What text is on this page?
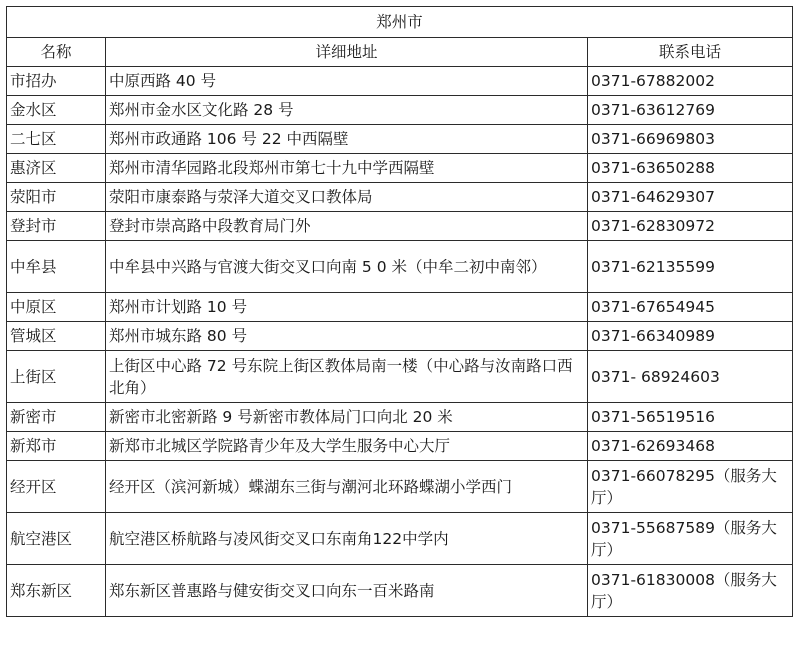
郑州市		
名称	详细地址	联系电话
市招办	中原西路 40 号	0371-67882002
金水区	郑州市金水区文化路 28 号	0371-63612769
二七区	郑州市政通路 106 号 22 中西隔壁	0371-66969803
惠济区	郑州市清华园路北段郑州市第七十九中学西隔壁	0371-63650288
荥阳市	荥阳市康泰路与荥泽大道交叉口教体局	0371-64629307
登封市	登封市崇高路中段教育局门外	0371-62830972
中牟县	中牟县中兴路与官渡大街交叉口向南 5 0 米（中牟二初中南邻）	0371-62135599
中原区	郑州市计划路 10 号	0371-67654945
管城区	郑州市城东路 80 号	0371-66340989
上街区	上街区中心路 72 号东院上街区教体局南一楼（中心路与汝南路口西北角）	0371- 68924603
新密市	新密市北密新路 9 号新密市教体局门口向北 20 米	0371-56519516
新郑市	新郑市北城区学院路青少年及大学生服务中心大厅	0371-62693468
经开区	经开区（滨河新城）蝶湖东三街与潮河北环路蝶湖小学西门	0371-66078295（服务大厅）
航空港区	航空港区桥航路与凌风街交叉口东南角122中学内	0371-55687589（服务大厅）
郑东新区	郑东新区普惠路与健安街交叉口向东一百米路南	0371-61830008（服务大厅）
